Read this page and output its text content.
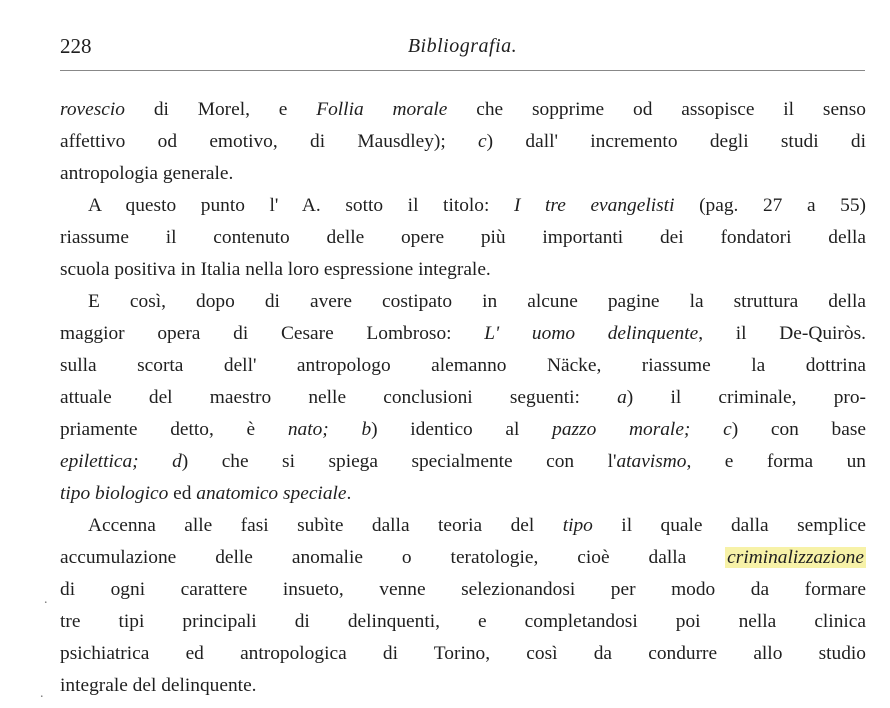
228	Bibliografia.
rovescio di Morel, e Follia morale che sopprime od assopisce il senso
affettivo od emotivo, di Mausdley); c) dall' incremento degli studi di
antropologia generale.
A questo punto l' A. sotto il titolo: I tre evangelisti (pag. 27 a 55)
riassume il contenuto delle opere più importanti dei fondatori della
scuola positiva in Italia nella loro espressione integrale.
E così, dopo di avere costipato in alcune pagine la struttura della
maggior opera di Cesare Lombroso: L' uomo delinquente, il De-Quiròs.
sulla scorta dell' antropologo alemanno Näcke, riassume la dottrina
attuale del maestro nelle conclusioni seguenti: a) il criminale, pro-
priamente detto, è nato; b) identico al pazzo morale; c) con base
epilettica; d) che si spiega specialmente con l'atavismo, e forma un
tipo biologico ed anatomico speciale.
Accenna alle fasi subìte dalla teoria del tipo il quale dalla semplice
accumulazione delle anomalie o teratologie, cioè dalla criminalizzazione
di ogni carattere insueto, venne selezionandosi per modo da formare
tre tipi principali di delinquenti, e completandosi poi nella clinica
psichiatrica ed antropologica di Torino, così da condurre allo studio
integrale del delinquente.
.
.
